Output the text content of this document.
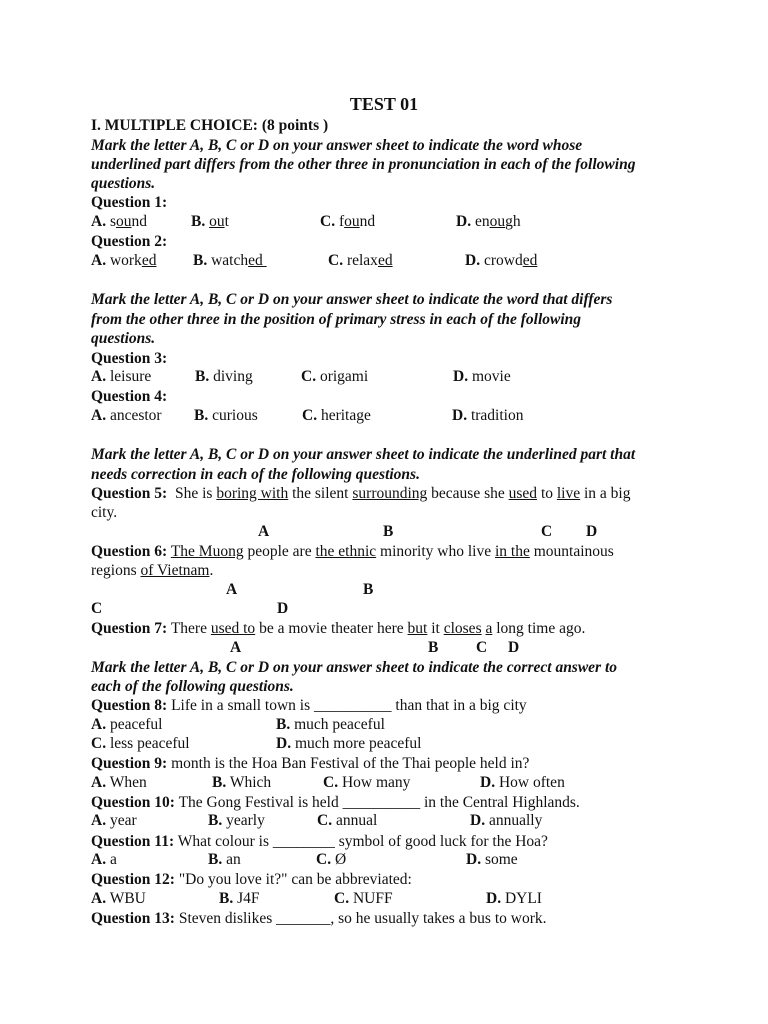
TEST 01
I. MULTIPLE CHOICE: (8 points )
Mark the letter A, B, C or D on your answer sheet to indicate the word whose
underlined part differs from the other three in pronunciation in each of the following
questions.
Question 1:
A. sound	B. out	C. found	D. enough
Question 2:
A. worked B. watched	C. relaxed	D. crowded
Mark the letter A, B, C or D on your answer sheet to indicate the word that differs
from the other three in the position of primary stress in each of the following
questions.
Question 3:
A. leisure	B. diving	C. origami	D. movie
Question 4:
A. ancestor B. curious	C. heritage	D. tradition
Mark the letter A, B, C or D on your answer sheet to indicate the underlined part that
needs correction in each of the following questions.
Question 5: She is boring with the silent surrounding because she used to live in a big
city.
A	B	C D
Question 6: The Muong people are the ethnic minority who live in the mountainous
regions of Vietnam.
A	B
C	D
Question 7: There used to be a movie theater here but it closes a long time ago.
A	B C D
Mark the letter A, B, C or D on your answer sheet to indicate the correct answer to
each of the following questions.
Question 8: Life in a small town is __________ than that in a big city
A. peaceful	B. much peaceful
C. less peaceful	D. much more peaceful
Question 9: month is the Hoa Ban Festival of the Thai people held in?
A. When	B. Which	C. How many	D. How often
Question 10: The Gong Festival is held __________ in the Central Highlands.
A. year	B. yearly	C. annual	D. annually
Question 11: What colour is ________ symbol of good luck for the Hoa?
A. a	B. an	C. Ø	D. some
Question 12: "Do you love it?" can be abbreviated:
A. WBU	B. J4F	C. NUFF	D. DYLI
Question 13: Steven dislikes _______, so he usually takes a bus to work.
